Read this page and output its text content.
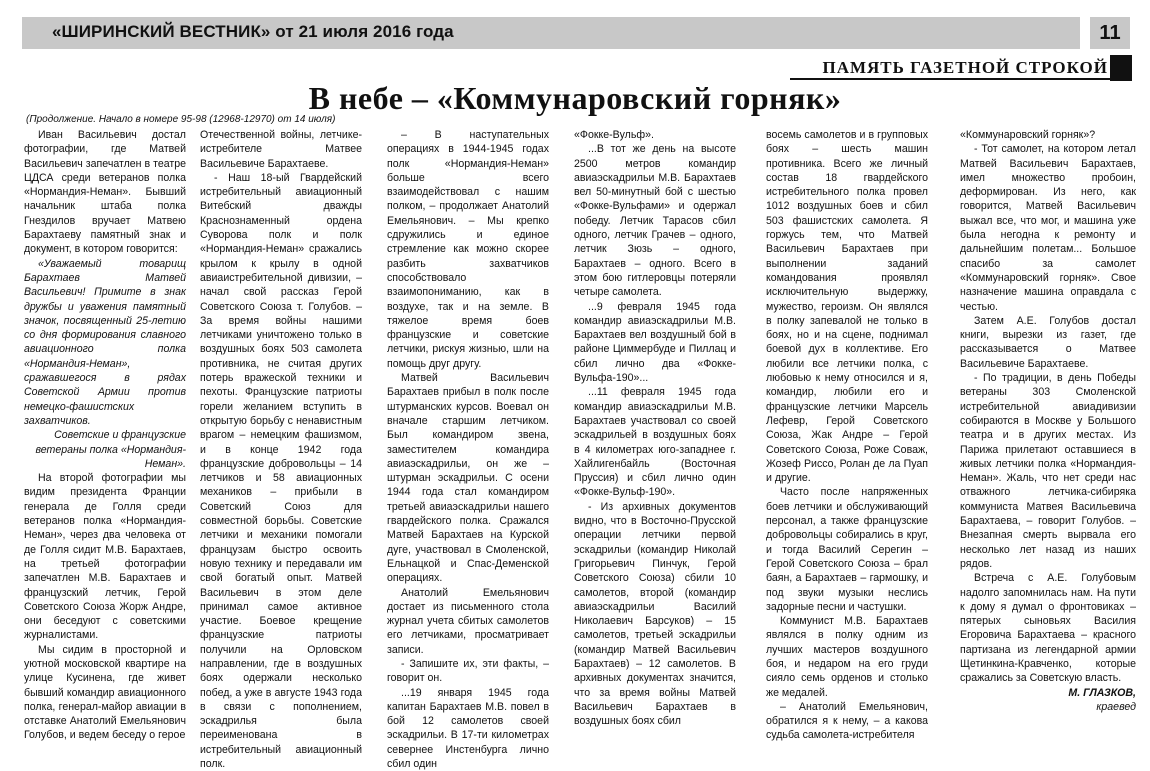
«ШИРИНСКИЙ ВЕСТНИК» от 21 июля 2016 года	11
ПАМЯТЬ ГАЗЕТНОЙ СТРОКОЙ
В небе – «Коммунаровский горняк»
(Продолжение. Начало в номере 95-98 (12968-12970) от 14 июля)

Иван Васильевич достал фотографии, где Матвей Васильевич запечатлен в театре ЦДСА среди ветеранов полка «Нормандия-Неман». Бывший начальник штаба полка Гнездилов вручает Матвею Барахтаеву памятный знак и документ, в котором говорится:

«Уважаемый товарищ Барахтаев Матвей Васильевич! Примите в знак дружбы и уважения памятный значок, посвященный 25-летию со дня формирования славного авиационного полка «Нормандия-Неман», сражавшегося в рядах Советской Армии против немецко-фашистских захватчиков.

Советские и французские ветераны полка «Нормандия-Неман».

На второй фотографии мы видим президента Франции генерала де Голля среди ветеранов полка «Нормандия-Неман», через два человека от де Голля сидит М.В. Барахтаев, на третьей фотографии запечатлен М.В. Барахтаев и французский летчик, Герой Советского Союза Жорж Андре, они беседуют с советскими журналистами.

Мы сидим в просторной и уютной московской квартире на улице Кусинена, где живет бывший командир авиационного полка, генерал-майор авиации в отставке Анатолий Емельянович Голубов, и ведем беседу о герое

Отечественной войны, летчике-истребителе Матвее Васильевиче Барахтаеве.

- Наш 18-ый Гвардейский истребительный авиационный Витебский дважды Краснознаменный ордена Суворова полк и полк «Нормандия-Неман» сражались крылом к крылу в одной авиаистребительной дивизии, – начал свой рассказ Герой Советского Союза т. Голубов. – За время войны нашими летчиками уничтожено только в воздушных боях 503 самолета противника, не считая других потерь вражеской техники и пехоты. Французские патриоты горели желанием вступить в открытую борьбу с ненавистным врагом – немецким фашизмом, и в конце 1942 года французские добровольцы – 14 летчиков и 58 авиационных механиков – прибыли в Советский Союз для совместной борьбы. Советские летчики и механики помогали французам быстро освоить новую технику и передавали им свой богатый опыт. Матвей Васильевич в этом деле принимал самое активное участие. Боевое крещение французские патриоты получили на Орловском направлении, где в воздушных боях одержали несколько побед, а уже в августе 1943 года в связи с пополнением, эскадрилья была переименована в истребительный авиационный полк.

– В наступательных операциях в 1944-1945 годах полк «Нормандия-Неман» больше всего взаимодействовал с нашим полком, – продолжает Анатолий Емельянович. – Мы крепко сдружились и единое стремление как можно скорее разбить захватчиков способствовало взаимопониманию, как в воздухе, так и на земле. В тяжелое время боев французские и советские летчики, рискуя жизнью, шли на помощь друг другу.

Матвей Васильевич Барахтаев прибыл в полк после штурманских курсов. Воевал он вначале старшим летчиком. Был командиром звена, заместителем командира авиаэскадрильи, он же – штурман эскадрильи. С осени 1944 года стал командиром третьей авиаэскадрильи нашего гвардейского полка. Сражался Матвей Барахтаев на Курской дуге, участвовал в Смоленской, Ельнацкой и Спас-Деменской операциях.

Анатолий Емельянович достает из письменного стола журнал учета сбитых самолетов его летчиками, просматривает записи.

- Запишите их, эти факты, – говорит он.

...19 января 1945 года капитан Барахтаев М.В. повел в бой 12 самолетов своей эскадрильи. В 17-ти километрах севернее Инстенбурга лично сбил один

«Фокке-Вульф».

...В тот же день на высоте 2500 метров командир авиаэскадрильи М.В. Барахтаев вел 50-минутный бой с шестью «Фокке-Вульфами» и одержал победу. Летчик Тарасов сбил одного, летчик Грачев – одного, летчик Зюзь – одного, Барахтаев – одного. Всего в этом бою гитлеровцы потеряли четыре самолета.

...9 февраля 1945 года командир авиаэскадрильи М.В. Барахтаев вел воздушный бой в районе Циммербуде и Пиллац и сбил лично два «Фокке-Вульфа-190»...

...11 февраля 1945 года командир авиаэскадрильи М.В. Барахтаев участвовал со своей эскадрильей в воздушных боях в 4 километрах юго-западнее г. Хайлигенбайль (Восточная Пруссия) и сбил лично один «Фокке-Вульф-190».

- Из архивных документов видно, что в Восточно-Прусской операции летчики первой эскадрильи (командир Николай Григорьевич Пинчук, Герой Советского Союза) сбили 10 самолетов, второй (командир авиаэскадрильи Василий Николаевич Барсуков) – 15 самолетов, третьей эскадрильи (командир Матвей Васильевич Барахтаев) – 12 самолетов. В архивных документах значится, что за время войны Матвей Васильевич Барахтаев в воздушных боях сбил

восемь самолетов и в групповых боях – шесть машин противника. Всего же личный состав 18 гвардейского истребительного полка провел 1012 воздушных боев и сбил 503 фашистских самолета. Я горжусь тем, что Матвей Васильевич Барахтаев при выполнении заданий командования проявлял исключительную выдержку, мужество, героизм. Он являлся в полку запевалой не только в боях, но и на сцене, поднимал боевой дух в коллективе. Его любили все летчики полка, с любовью к нему относился и я, командир, любили его и французские летчики Марсель Лефевр, Герой Советского Союза, Жак Андре – Герой Советского Союза, Роже Соваж, Жозеф Риссо, Ролан де ла Пуап и другие.

Часто после напряженных боев летчики и обслуживающий персонал, а также французские добровольцы собирались в круг, и тогда Василий Серегин – Герой Советского Союза – брал баян, а Барахтаев – гармошку, и под звуки музыки неслись задорные песни и частушки.

Коммунист М.В. Барахтаев являлся в полку одним из лучших мастеров воздушного боя, и недаром на его груди сияло семь орденов и столько же медалей.

– Анатолий Емельянович, обратился я к нему, – а какова судьба самолета-истребителя

«Коммунаровский горняк»?

- Тот самолет, на котором летал Матвей Васильевич Барахтаев, имел множество пробоин, деформирован. Из него, как говорится, Матвей Васильевич выжал все, что мог, и машина уже была негодна к ремонту и дальнейшим полетам... Большое спасибо за самолет «Коммунаровский горняк». Свое назначение машина оправдала с честью.

Затем А.Е. Голубов достал книги, вырезки из газет, где рассказывается о Матвее Васильевиче Барахтаеве.

- По традиции, в день Победы ветераны 303 Смоленской истребительной авиадивизии собираются в Москве у Большого театра и в других местах. Из Парижа прилетают оставшиеся в живых летчики полка «Нормандия-Неман». Жаль, что нет среди нас отважного летчика-сибиряка коммуниста Матвея Васильевича Барахтаева, – говорит Голубов. – Внезапная смерть вырвала его несколько лет назад из наших рядов.

Встреча с А.Е. Голубовым надолго запомнилась нам. На пути к дому я думал о фронтовиках – пятерых сыновьях Василия Егоровича Барахтаева – красного партизана из легендарной армии Щетинкина-Кравченко, которые сражались за Советскую власть.

М. ГЛАЗКОВ,

краевед
